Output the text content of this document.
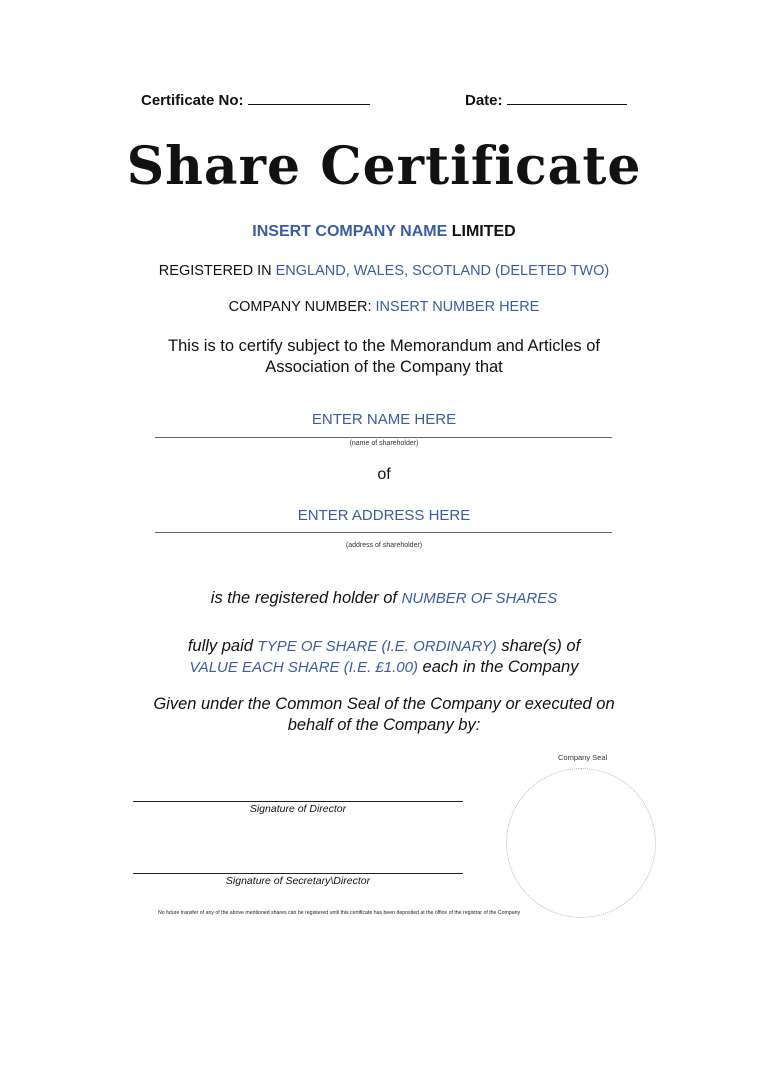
Certificate No:	Date:
Share Certificate
INSERT COMPANY NAME LIMITED
REGISTERED IN ENGLAND, WALES, SCOTLAND (DELETED TWO)
COMPANY NUMBER: INSERT NUMBER HERE
This is to certify subject to the Memorandum and Articles of
Association of the Company that
ENTER NAME HERE
(name of shareholder)
of
ENTER ADDRESS HERE
(address of shareholder)
is the registered holder of NUMBER OF SHARES
fully paid TYPE OF SHARE (I.E. ORDINARY) share(s) of
VALUE EACH SHARE (I.E. £1.00) each in the Company
Given under the Common Seal of the Company or executed on
behalf of the Company by:
Company Seal
Signature of Director
Signature of Secretary\Director
No future transfer of any of the above mentioned shares can be registered until this certificate has been deposited at the office of the registrar of the Company
